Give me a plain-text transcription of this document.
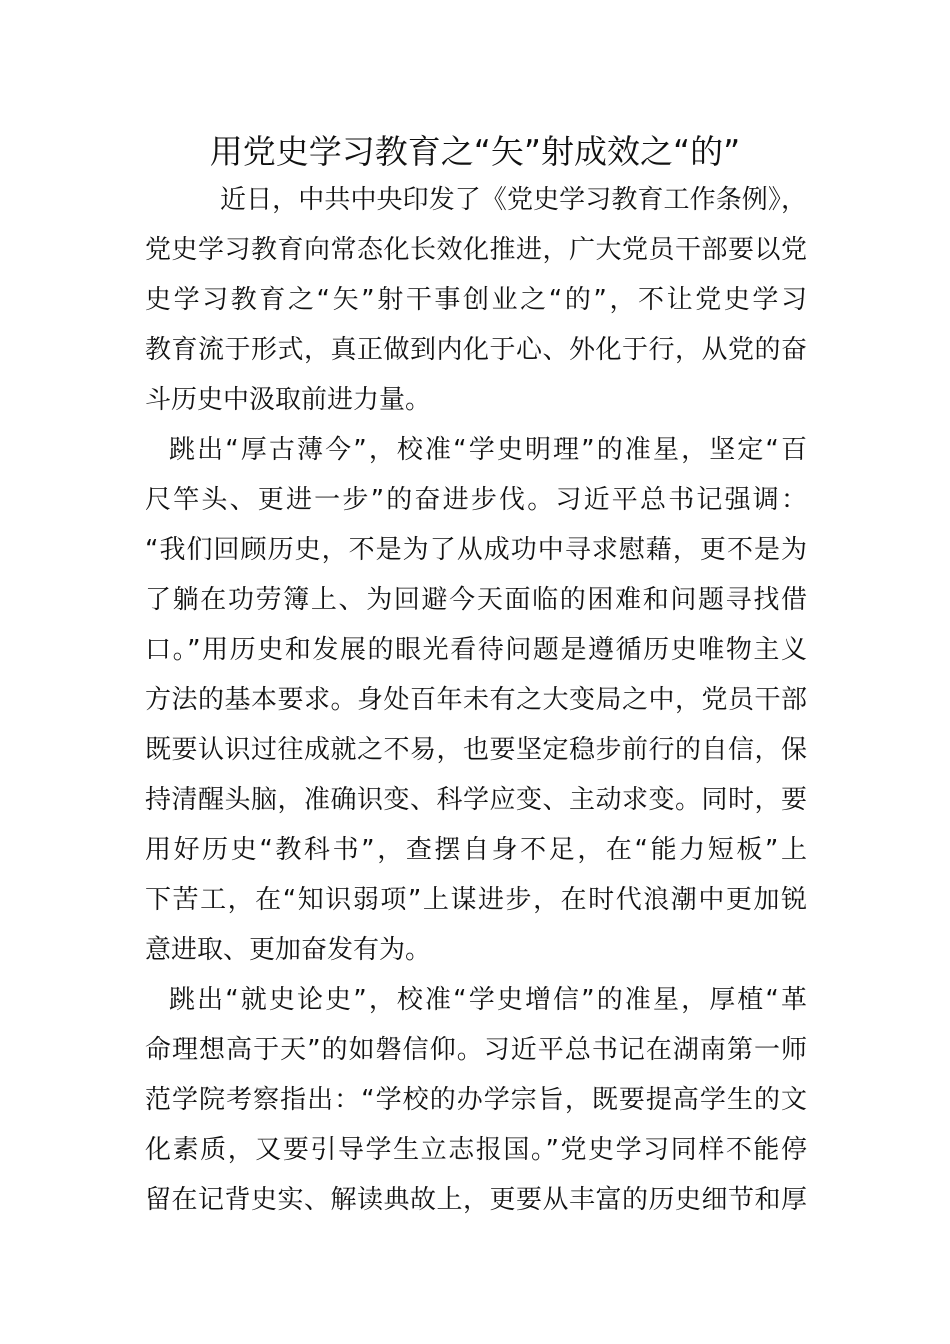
用党史学习教育之“矢”射成效之“的”
近日，中共中央印发了《党史学习教育工作条例》，
党史学习教育向常态化长效化推进，广大党员干部要以党
史学习教育之“矢”射干事创业之“的”，不让党史学习
教育流于形式，真正做到内化于心、外化于行，从党的奋
斗历史中汲取前进力量。
跳出“厚古薄今”，校准“学史明理”的准星，坚定“百
尺竿头、更进一步”的奋进步伐。习近平总书记强调：
“我们回顾历史，不是为了从成功中寻求慰藉，更不是为
了躺在功劳簿上、为回避今天面临的困难和问题寻找借
口。”用历史和发展的眼光看待问题是遵循历史唯物主义
方法的基本要求。身处百年未有之大变局之中，党员干部
既要认识过往成就之不易，也要坚定稳步前行的自信，保
持清醒头脑，准确识变、科学应变、主动求变。同时，要
用好历史“教科书”，查摆自身不足，在“能力短板”上
下苦工，在“知识弱项”上谋进步，在时代浪潮中更加锐
意进取、更加奋发有为。
跳出“就史论史”，校准“学史增信”的准星，厚植“革
命理想高于天”的如磐信仰。习近平总书记在湖南第一师
范学院考察指出：“学校的办学宗旨，既要提高学生的文
化素质，又要引导学生立志报国。”党史学习同样不能停
留在记背史实、解读典故上，更要从丰富的历史细节和厚
